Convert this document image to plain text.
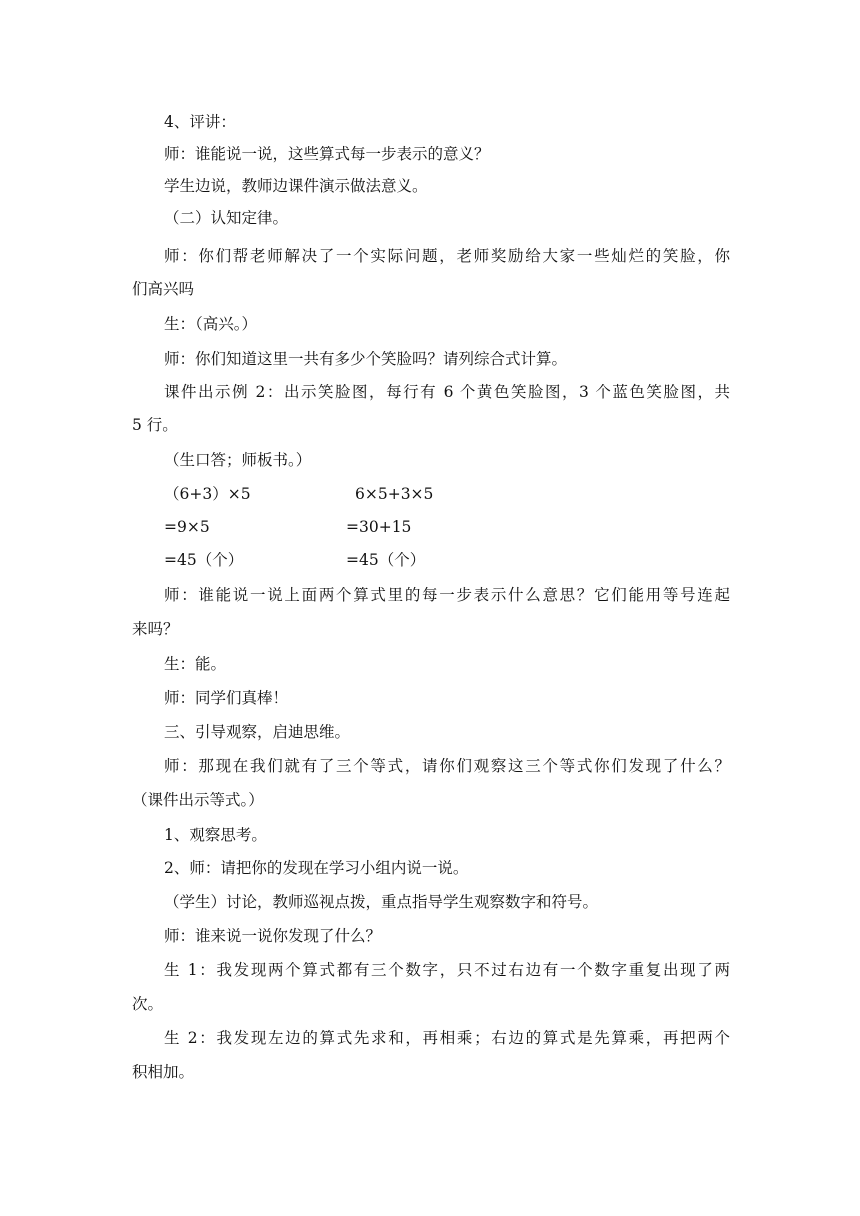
4、评讲：
师：谁能说一说，这些算式每一步表示的意义？
学生边说，教师边课件演示做法意义。
（二）认知定律。
师：你们帮老师解决了一个实际问题，老师奖励给大家一些灿烂的笑脸，你
们高兴吗
生：（高兴。）
师：你们知道这里一共有多少个笑脸吗？请列综合式计算。
课件出示例 2：出示笑脸图，每行有 6 个黄色笑脸图，3 个蓝色笑脸图，共
5 行。
（生口答；师板书。）
（6+3）×5	6×5+3×5
=9×5	=30+15
=45（个）	=45（个）
师：谁能说一说上面两个算式里的每一步表示什么意思？它们能用等号连起
来吗？
生：能。
师：同学们真棒！
三、引导观察，启迪思维。
师：那现在我们就有了三个等式，请你们观察这三个等式你们发现了什么？
（课件出示等式。）
1、观察思考。
2、师：请把你的发现在学习小组内说一说。
（学生）讨论，教师巡视点拨，重点指导学生观察数字和符号。
师：谁来说一说你发现了什么？
生 1：我发现两个算式都有三个数字，只不过右边有一个数字重复出现了两
次。
生 2：我发现左边的算式先求和，再相乘；右边的算式是先算乘，再把两个
积相加。
